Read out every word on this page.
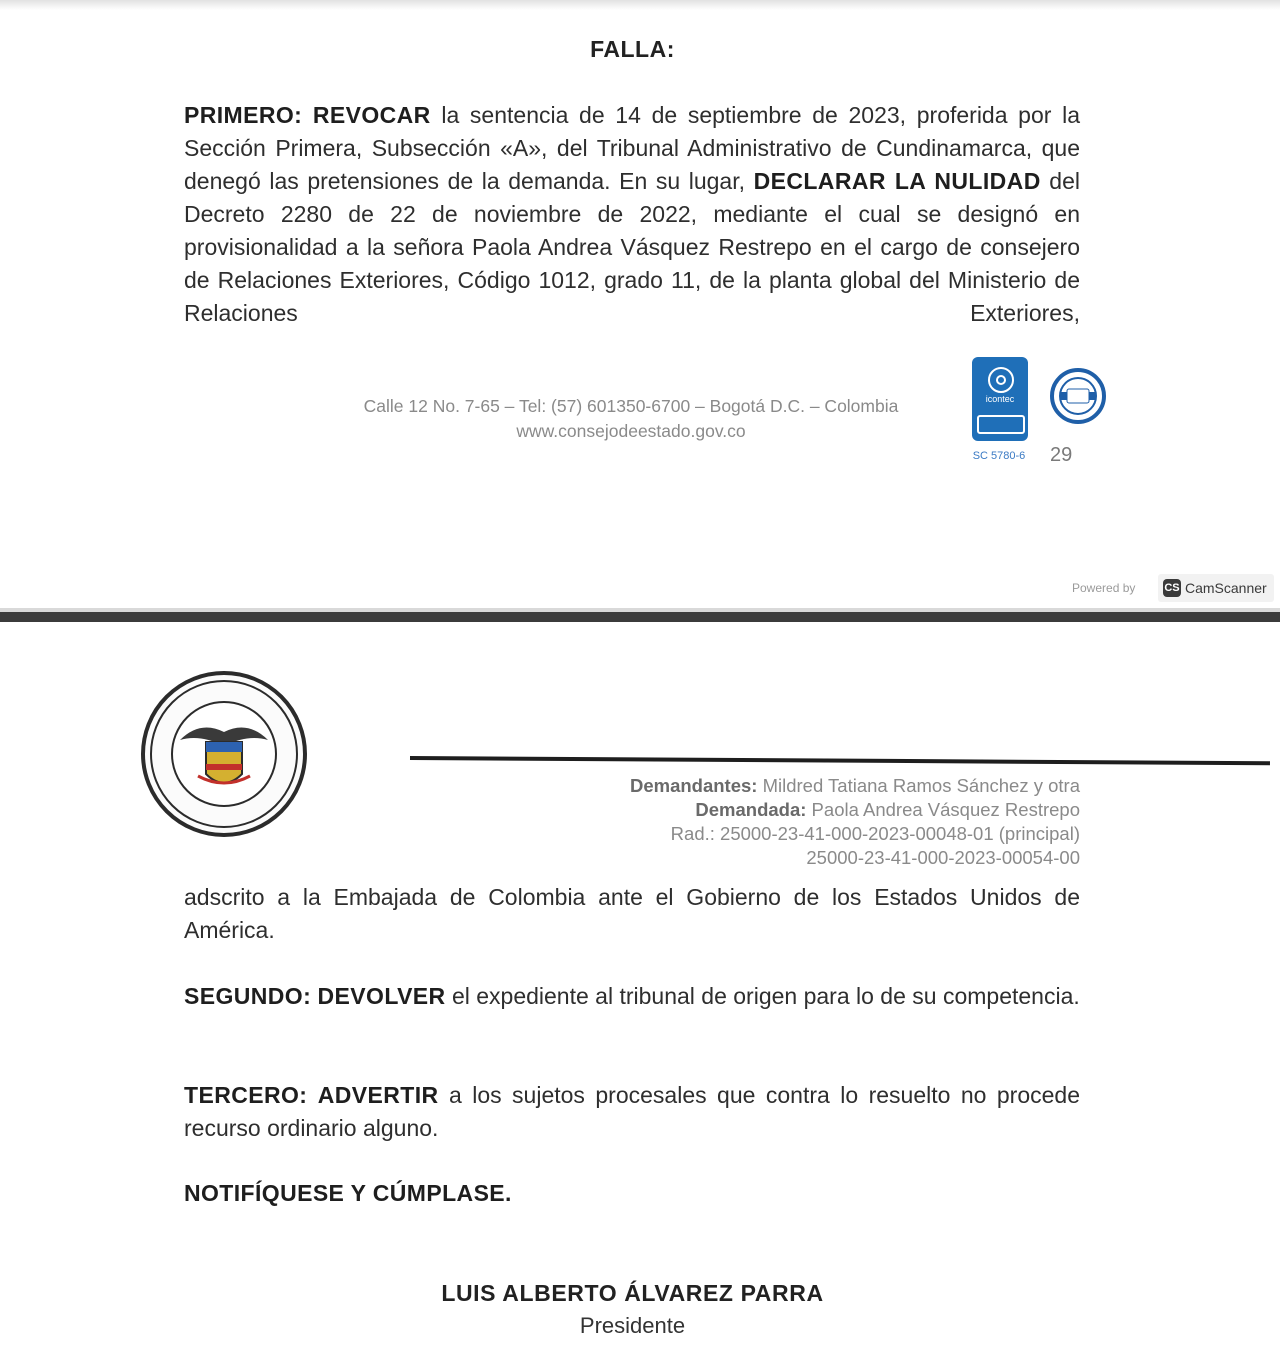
FALLA:
PRIMERO: REVOCAR la sentencia de 14 de septiembre de 2023, proferida por la Sección Primera, Subsección «A», del Tribunal Administrativo de Cundinamarca, que denegó las pretensiones de la demanda. En su lugar, DECLARAR LA NULIDAD del Decreto 2280 de 22 de noviembre de 2022, mediante el cual se designó en provisionalidad a la señora Paola Andrea Vásquez Restrepo en el cargo de consejero de Relaciones Exteriores, Código 1012, grado 11, de la planta global del Ministerio de Relaciones Exteriores,
Calle 12 No. 7-65 – Tel: (57) 601350-6700 – Bogotá D.C. – Colombia
www.consejodeestado.gov.co
icontec
SC 5780-6	29
Powered by	CS CamScanner
Demandantes: Mildred Tatiana Ramos Sánchez y otra
Demandada: Paola Andrea Vásquez Restrepo
Rad.: 25000-23-41-000-2023-00048-01 (principal)
25000-23-41-000-2023-00054-00
adscrito a la Embajada de Colombia ante el Gobierno de los Estados Unidos de América.
SEGUNDO: DEVOLVER el expediente al tribunal de origen para lo de su competencia.
TERCERO: ADVERTIR a los sujetos procesales que contra lo resuelto no procede recurso ordinario alguno.
NOTIFÍQUESE Y CÚMPLASE.
LUIS ALBERTO ÁLVAREZ PARRA
Presidente
